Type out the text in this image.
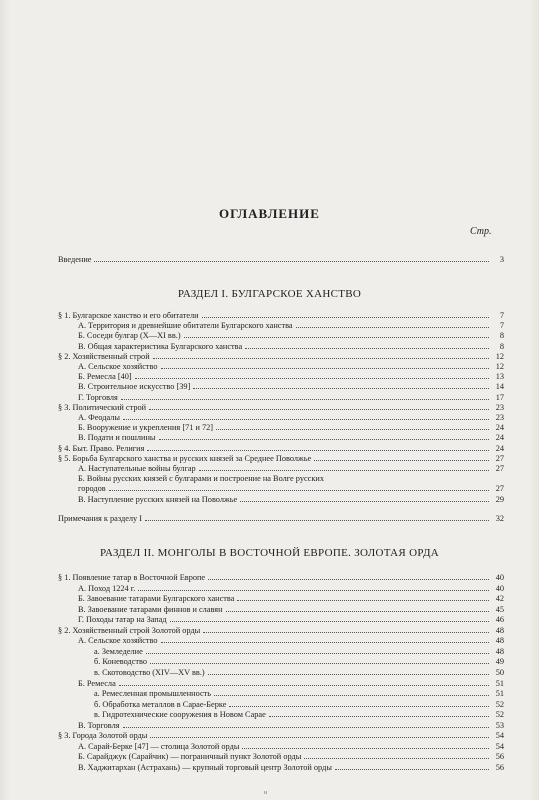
ОГЛАВЛЕНИЕ
Стр.
Введение	3
РАЗДЕЛ I. БУЛГАРСКОЕ ХАНСТВО
§ 1. Булгарское ханство и его обитатели	7
А. Территория и древнейшие обитатели Булгарского ханства	7
Б. Соседи булгар (X—XI вв.)	8
В. Общая характеристика Булгарского ханства	8
§ 2. Хозяйственный строй	12
А. Сельское хозяйство	12
Б. Ремесла [40]	13
В. Строительное искусство [39]	14
Г. Торговля	17
§ 3. Политический строй	23
А. Феодалы	23
Б. Вооружение и укрепления [71 и 72]	24
В. Подати и пошлины	24
§ 4. Быт. Право. Религия	24
§ 5. Борьба Булгарского ханства и русских князей за Среднее Поволжье	27
А. Наступательные войны булгар	27
Б. Войны русских князей с булгарами и построение на Волге русских
городов	27
В. Наступление русских князей на Поволжье	29
Примечания к разделу I	32
РАЗДЕЛ II. МОНГОЛЫ В ВОСТОЧНОЙ ЕВРОПЕ. ЗОЛОТАЯ ОРДА
§ 1. Появление татар в Восточной Европе	40
А. Поход 1224 г.	40
Б. Завоевание татарами Булгарского ханства	42
В. Завоевание татарами финнов и славян	45
Г. Походы татар на Запад	46
§ 2. Хозяйственный строй Золотой орды	48
А. Сельское хозяйство	48
а. Земледелие	48
б. Коневодство	49
в. Скотоводство (XIV—XV вв.)	50
Б. Ремесла	51
а. Ремесленная промышленность	51
б. Обработка металлов в Сарае-Берке	52
в. Гидротехнические сооружения в Новом Сарае	52
В. Торговля	53
§ 3. Города Золотой орды	54
А. Сарай-Берке [47] — столица Золотой орды	54
Б. Сарайджук (Сарайчик) — пограничный пункт Золотой орды	56
В. Хаджитархан (Астрахань) — крупный торговый центр Золотой орды	56
н
